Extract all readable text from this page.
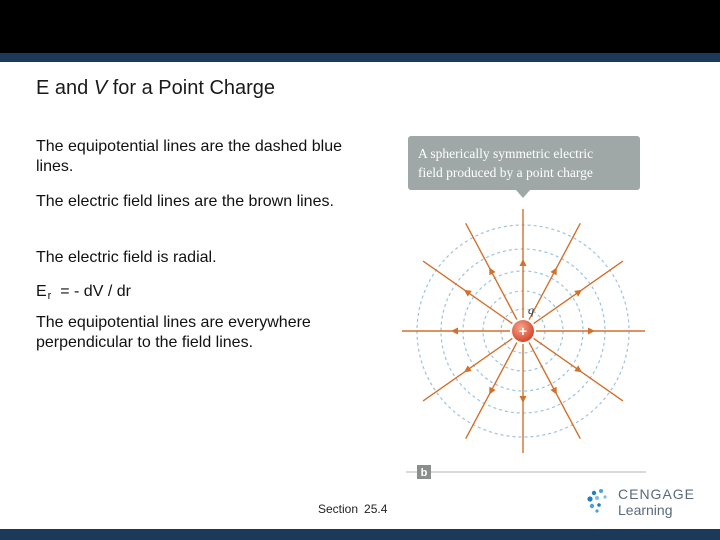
E and V for a Point Charge
The equipotential lines are the dashed blue lines.
The electric field lines are the brown lines.
The electric field is radial.
$E_r$ = - dV / dr
The equipotential lines are everywhere perpendicular to the field lines.
A spherically symmetric electric
field produced by a point charge
+
q
b
Section 25.4
CENGAGE
Learning
